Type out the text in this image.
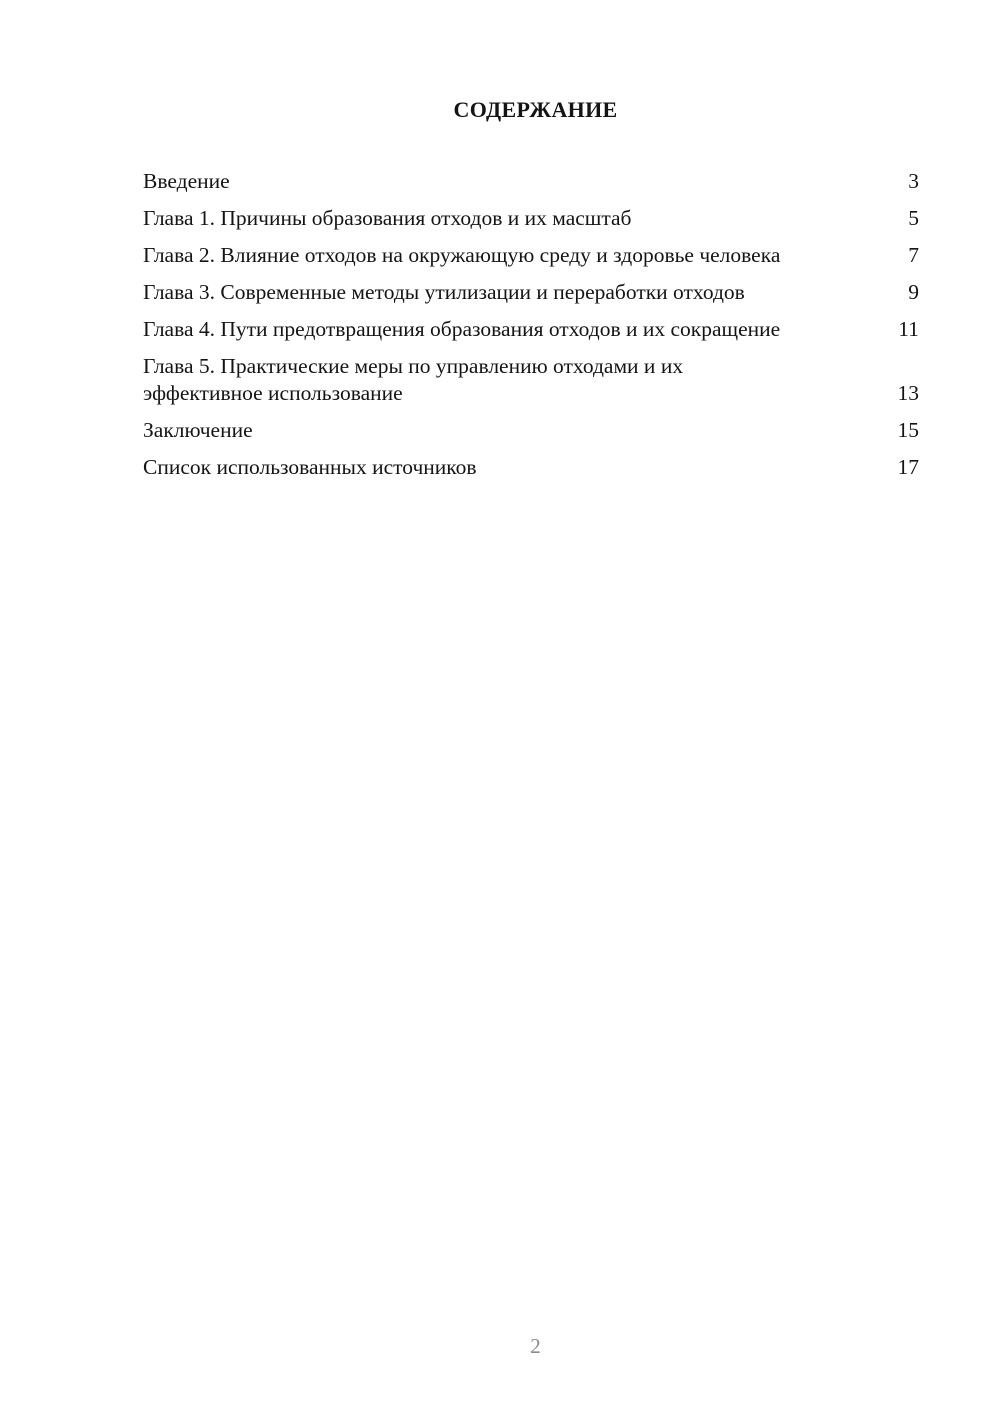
СОДЕРЖАНИЕ
Введение	3
Глава 1. Причины образования отходов и их масштаб	5
Глава 2. Влияние отходов на окружающую среду и здоровье человека	7
Глава 3. Современные методы утилизации и переработки отходов	9
Глава 4. Пути предотвращения образования отходов и их сокращение	11
Глава 5. Практические меры по управлению отходами и их эффективное использование	13
Заключение	15
Список использованных источников	17
2
